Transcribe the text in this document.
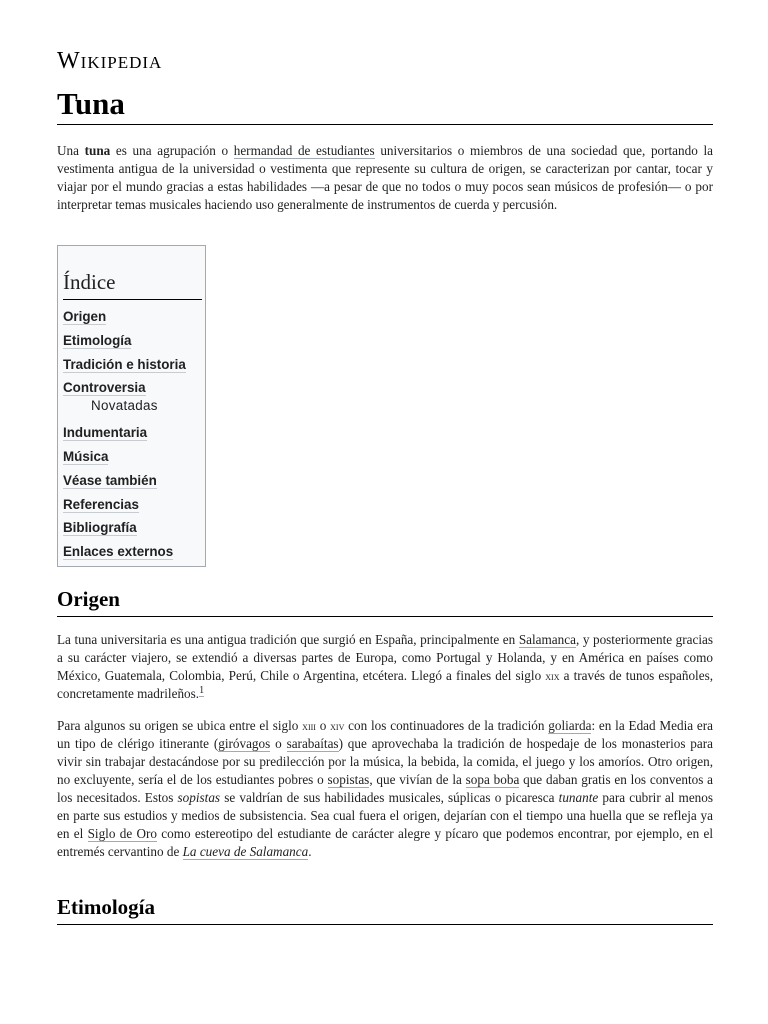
Wikipedia
Tuna

Una tuna es una agrupación o hermandad de estudiantes universitarios o miembros de una sociedad que, portando la vestimenta antigua de la universidad o vestimenta que represente su cultura de origen, se caracterizan por cantar, tocar y viajar por el mundo gracias a estas habilidades —a pesar de que no todos o muy pocos sean músicos de profesión— o por interpretar temas musicales haciendo uso generalmente de instrumentos de cuerda y percusión.

Índice
Origen
Etimología
Tradición e historia
Controversia
Novatadas
Indumentaria
Música
Véase también
Referencias
Bibliografía
Enlaces externos
Origen

La tuna universitaria es una antigua tradición que surgió en España, principalmente en Salamanca, y posteriormente gracias a su carácter viajero, se extendió a diversas partes de Europa, como Portugal y Holanda, y en América en países como México, Guatemala, Colombia, Perú, Chile o Argentina, etcétera. Llegó a finales del siglo xix a través de tunos españoles, concretamente madrileños.$^1$

Para algunos su origen se ubica entre el siglo xiii o xiv con los continuadores de la tradición goliarda: en la Edad Media era un tipo de clérigo itinerante (giróvagos o sarabaítas) que aprovechaba la tradición de hospedaje de los monasterios para vivir sin trabajar destacándose por su predilección por la música, la bebida, la comida, el juego y los amoríos. Otro origen, no excluyente, sería el de los estudiantes pobres o sopistas, que vivían de la sopa boba que daban gratis en los conventos a los necesitados. Estos sopistas se valdrían de sus habilidades musicales, súplicas o picaresca tunante para cubrir al menos en parte sus estudios y medios de subsistencia. Sea cual fuera el origen, dejarían con el tiempo una huella que se refleja ya en el Siglo de Oro como estereotipo del estudiante de carácter alegre y pícaro que podemos encontrar, por ejemplo, en el entremés cervantino de La cueva de Salamanca.

Etimología
